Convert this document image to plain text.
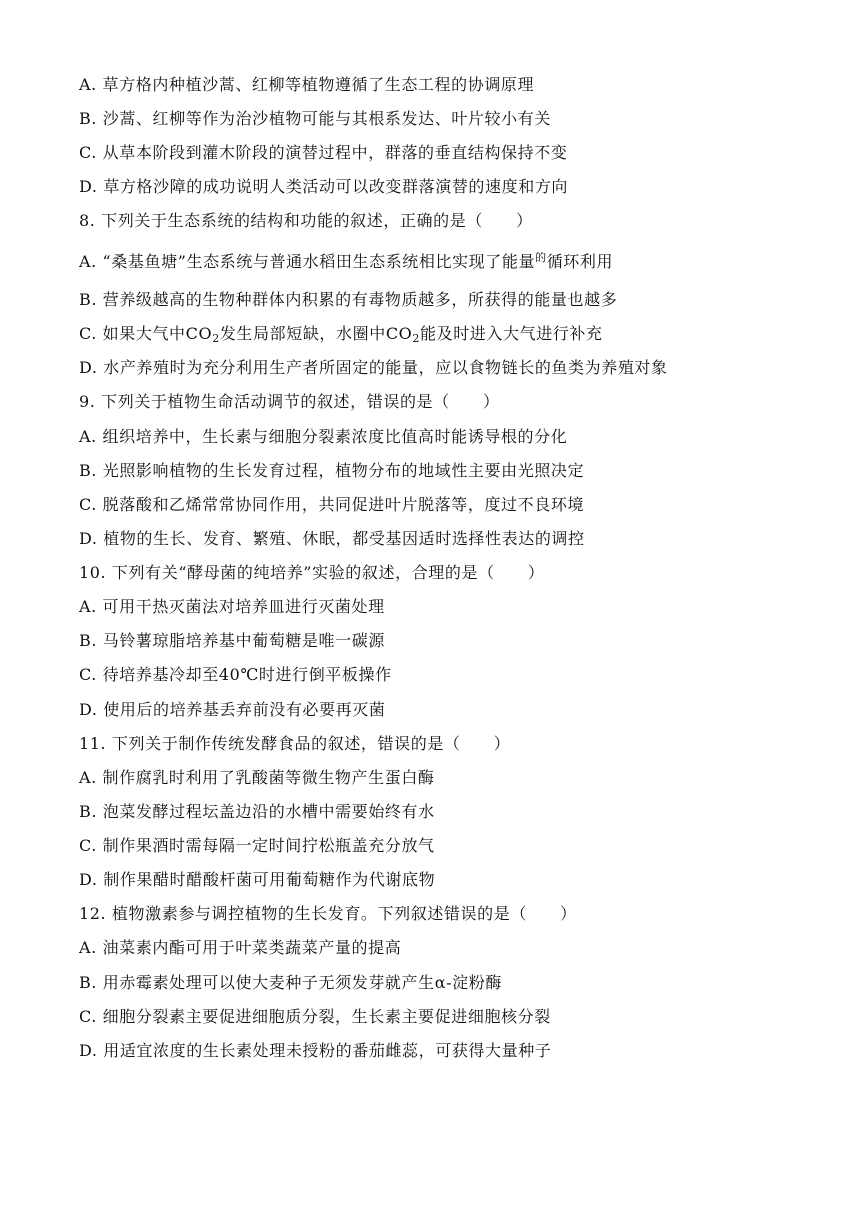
A. 草方格内种植沙蒿、红柳等植物遵循了生态工程的协调原理
B. 沙蒿、红柳等作为治沙植物可能与其根系发达、叶片较小有关
C. 从草本阶段到灌木阶段的演替过程中，群落的垂直结构保持不变
D. 草方格沙障的成功说明人类活动可以改变群落演替的速度和方向
8. 下列关于生态系统的结构和功能的叙述，正确的是（　　）
A. “桑基鱼塘”生态系统与普通水稻田生态系统相比实现了能量$^的$循环利用
B. 营养级越高的生物种群体内积累的有毒物质越多，所获得的能量也越多
C. 如果大气中$CO_2$发生局部短缺，水圈中$CO_2$能及时进入大气进行补充
D. 水产养殖时为充分利用生产者所固定的能量，应以食物链长的鱼类为养殖对象
9. 下列关于植物生命活动调节的叙述，错误的是（　　）
A. 组织培养中，生长素与细胞分裂素浓度比值高时能诱导根的分化
B. 光照影响植物的生长发育过程，植物分布的地域性主要由光照决定
C. 脱落酸和乙烯常常协同作用，共同促进叶片脱落等，度过不良环境
D. 植物的生长、发育、繁殖、休眠，都受基因适时选择性表达的调控
10. 下列有关“酵母菌的纯培养”实验的叙述，合理的是（　　）
A. 可用干热灭菌法对培养皿进行灭菌处理
B. 马铃薯琼脂培养基中葡萄糖是唯一碳源
C. 待培养基冷却至40℃时进行倒平板操作
D. 使用后的培养基丢弃前没有必要再灭菌
11. 下列关于制作传统发酵食品的叙述，错误的是（　　）
A. 制作腐乳时利用了乳酸菌等微生物产生蛋白酶
B. 泡菜发酵过程坛盖边沿的水槽中需要始终有水
C. 制作果酒时需每隔一定时间拧松瓶盖充分放气
D. 制作果醋时醋酸杆菌可用葡萄糖作为代谢底物
12. 植物激素参与调控植物的生长发育。下列叙述错误的是（　　）
A. 油菜素内酯可用于叶菜类蔬菜产量的提高
B. 用赤霉素处理可以使大麦种子无须发芽就产生α-淀粉酶
C. 细胞分裂素主要促进细胞质分裂，生长素主要促进细胞核分裂
D. 用适宜浓度的生长素处理未授粉的番茄雌蕊，可获得大量种子
